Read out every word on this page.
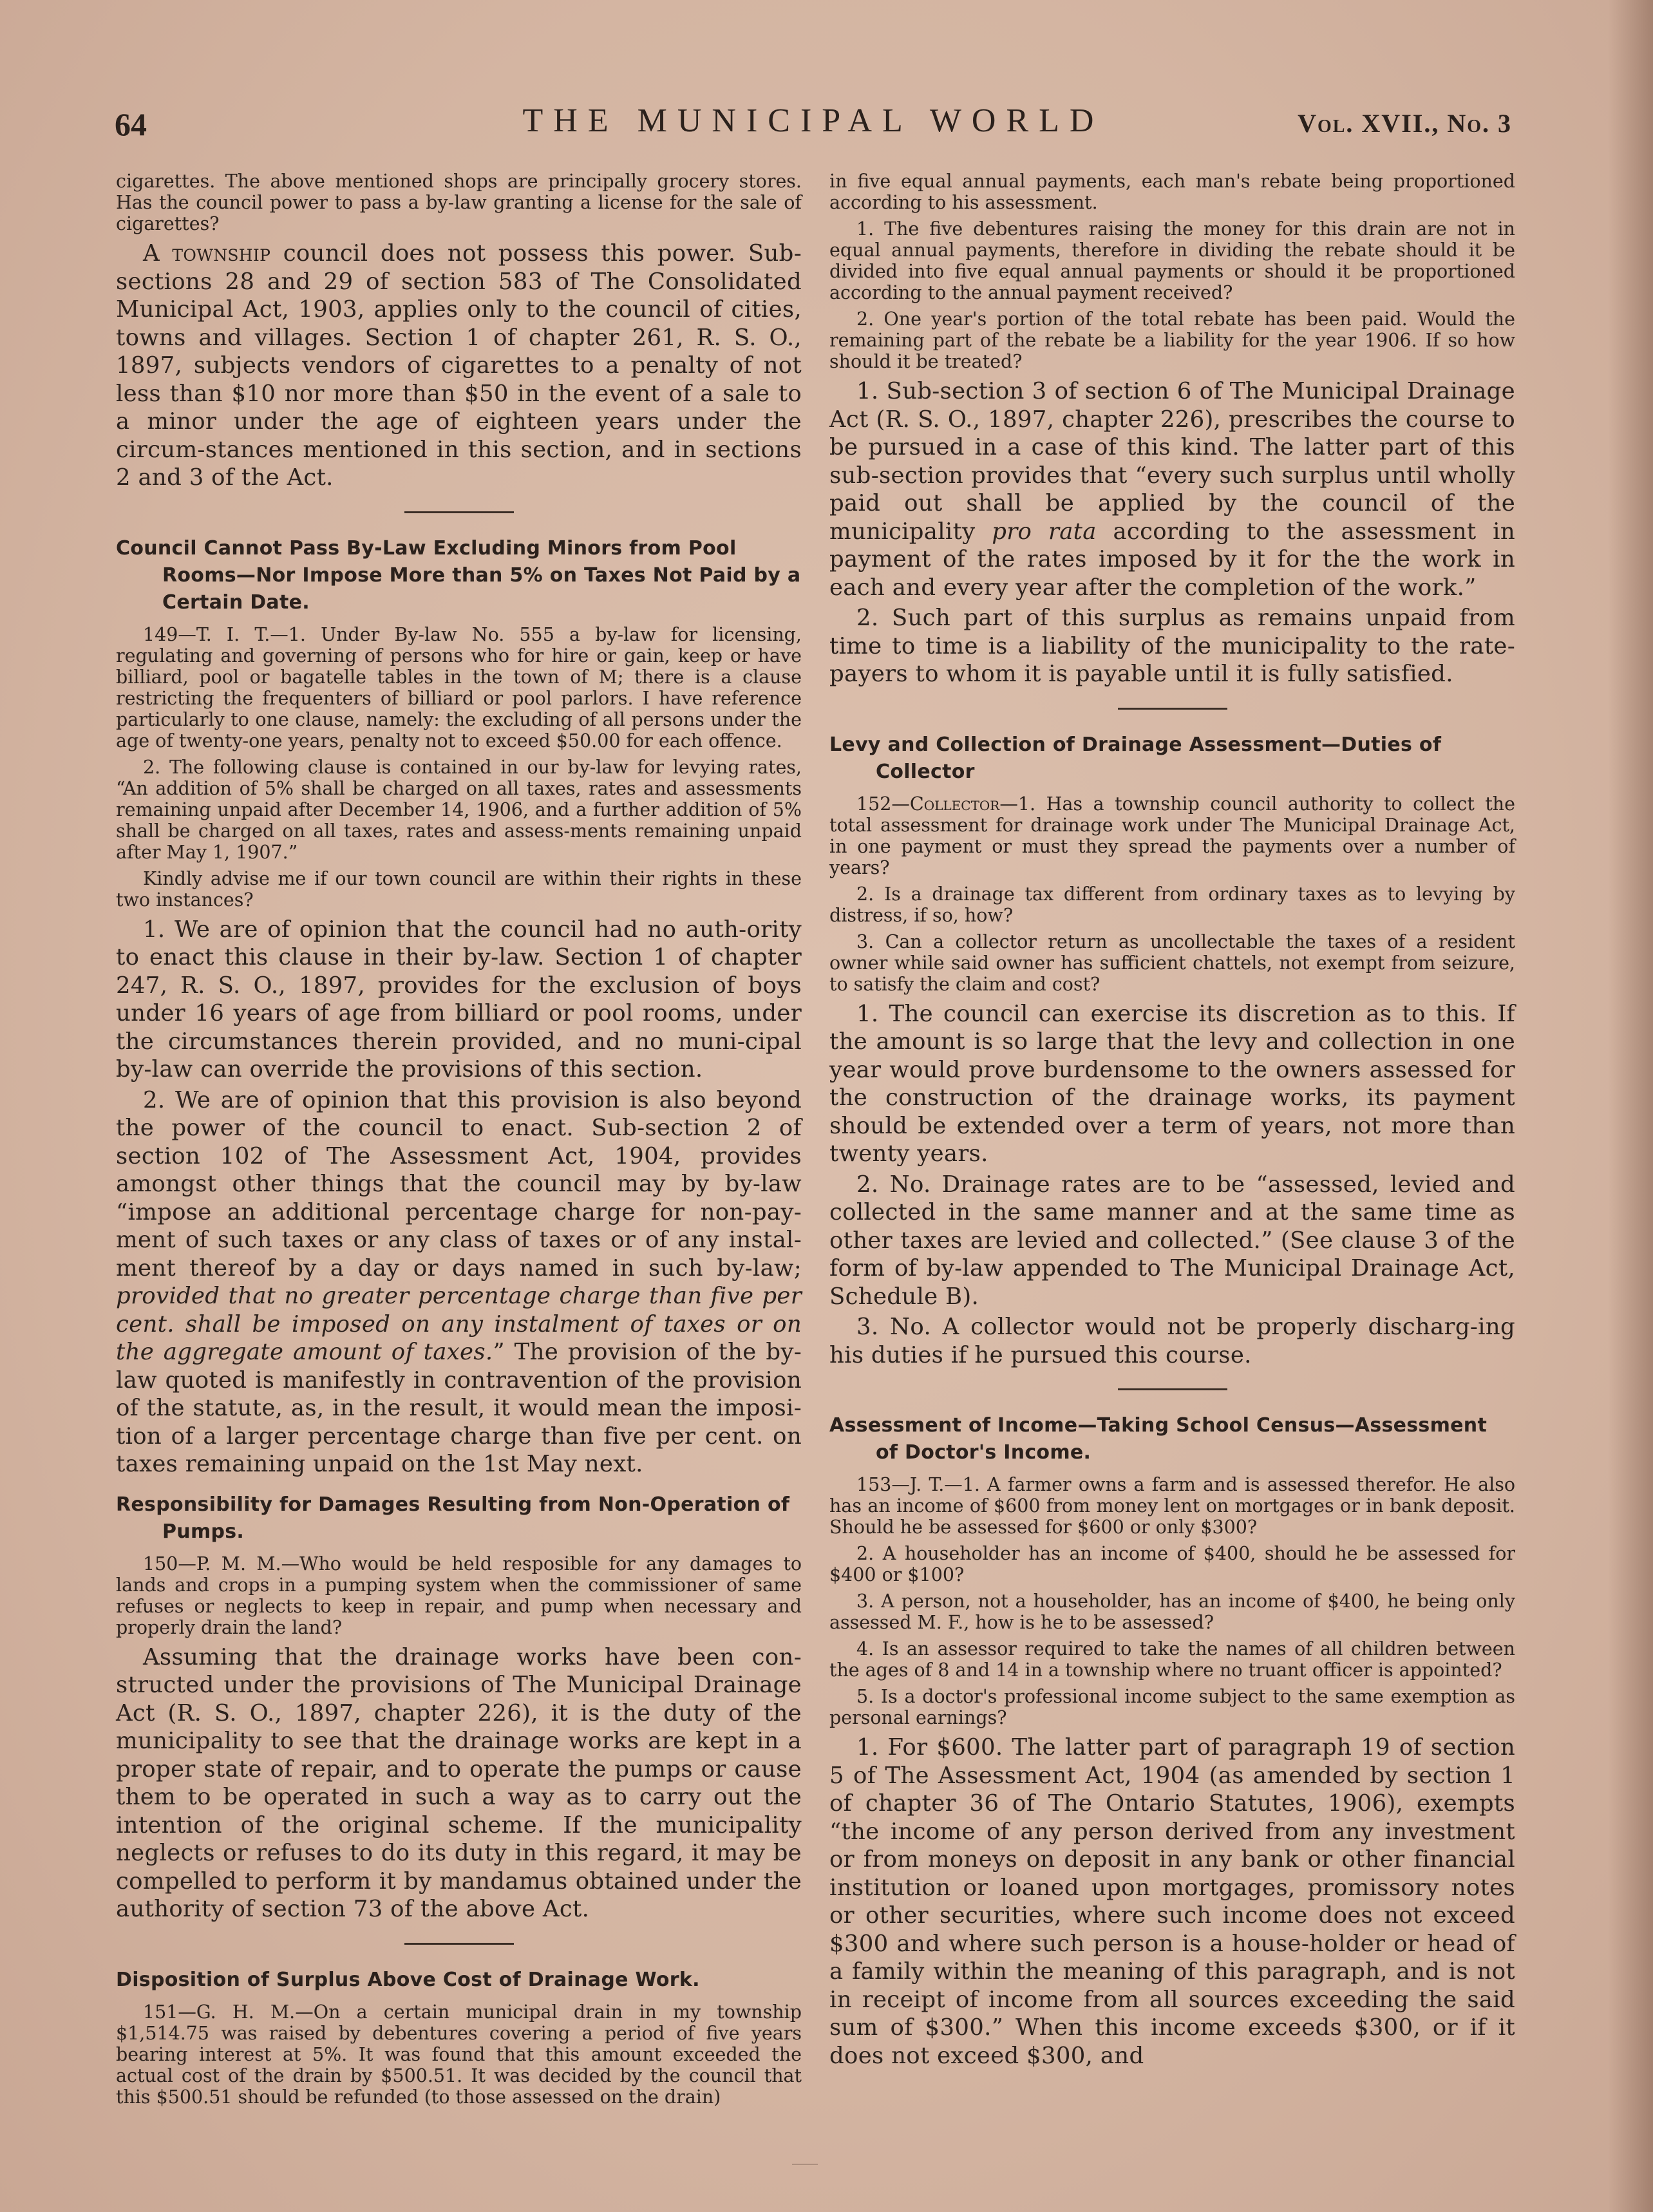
64	THE MUNICIPAL WORLD	Vol. XVII., No. 3

cigarettes. The above mentioned shops are principally grocery stores. Has the council power to pass a by-law granting a license for the sale of cigarettes?

A township council does not possess this power. Sub-sections 28 and 29 of section 583 of The Consolidated Municipal Act, 1903, applies only to the council of cities, towns and villages. Section 1 of chapter 261, R. S. O., 1897, subjects vendors of cigarettes to a penalty of not less than $10 nor more than $50 in the event of a sale to a minor under the age of eighteen years under the circum-stances mentioned in this section, and in sections 2 and 3 of the Act.

Council Cannot Pass By-Law Excluding Minors from Pool Rooms—Nor Impose More than 5% on Taxes Not Paid by a Certain Date.

149—T. I. T.—1. Under By-law No. 555 a by-law for licensing, regulating and governing of persons who for hire or gain, keep or have billiard, pool or bagatelle tables in the town of M; there is a clause restricting the frequenters of billiard or pool parlors. I have reference particularly to one clause, namely: the excluding of all persons under the age of twenty-one years, penalty not to exceed $50.00 for each offence.

2. The following clause is contained in our by-law for levying rates, “An addition of 5% shall be charged on all taxes, rates and assessments remaining unpaid after December 14, 1906, and a further addition of 5% shall be charged on all taxes, rates and assess-ments remaining unpaid after May 1, 1907.”

Kindly advise me if our town council are within their rights in these two instances?

1. We are of opinion that the council had no auth-ority to enact this clause in their by-law. Section 1 of chapter 247, R. S. O., 1897, provides for the exclusion of boys under 16 years of age from billiard or pool rooms, under the circumstances therein provided, and no muni-cipal by-law can override the provisions of this section.

2. We are of opinion that this provision is also beyond the power of the council to enact. Sub-section 2 of section 102 of The Assessment Act, 1904, provides amongst other things that the council may by by-law “impose an additional percentage charge for non-pay-ment of such taxes or any class of taxes or of any instal-ment thereof by a day or days named in such by-law; provided that no greater percentage charge than five per cent. shall be imposed on any instalment of taxes or on the aggregate amount of taxes.” The provision of the by-law quoted is manifestly in contravention of the provision of the statute, as, in the result, it would mean the imposi-tion of a larger percentage charge than five per cent. on taxes remaining unpaid on the 1st May next.

Responsibility for Damages Resulting from Non-Operation of Pumps.

150—P. M. M.—Who would be held resposible for any damages to lands and crops in a pumping system when the commissioner of same refuses or neglects to keep in repair, and pump when necessary and properly drain the land?

Assuming that the drainage works have been con-structed under the provisions of The Municipal Drainage Act (R. S. O., 1897, chapter 226), it is the duty of the municipality to see that the drainage works are kept in a proper state of repair, and to operate the pumps or cause them to be operated in such a way as to carry out the intention of the original scheme. If the municipality neglects or refuses to do its duty in this regard, it may be compelled to perform it by mandamus obtained under the authority of section 73 of the above Act.

Disposition of Surplus Above Cost of Drainage Work.

151—G. H. M.—On a certain municipal drain in my township $1,514.75 was raised by debentures covering a period of five years bearing interest at 5%. It was found that this amount exceeded the actual cost of the drain by $500.51. It was decided by the council that this $500.51 should be refunded (to those assessed on the drain)

in five equal annual payments, each man's rebate being proportioned according to his assessment.

1. The five debentures raising the money for this drain are not in equal annual payments, therefore in dividing the rebate should it be divided into five equal annual payments or should it be proportioned according to the annual payment received?

2. One year's portion of the total rebate has been paid. Would the remaining part of the rebate be a liability for the year 1906. If so how should it be treated?

1. Sub-section 3 of section 6 of The Municipal Drainage Act (R. S. O., 1897, chapter 226), prescribes the course to be pursued in a case of this kind. The latter part of this sub-section provides that “every such surplus until wholly paid out shall be applied by the council of the municipality pro rata according to the assessment in payment of the rates imposed by it for the the work in each and every year after the completion of the work.”

2. Such part of this surplus as remains unpaid from time to time is a liability of the municipality to the rate-payers to whom it is payable until it is fully satisfied.

Levy and Collection of Drainage Assessment—Duties of Collector

152—Collector—1. Has a township council authority to collect the total assessment for drainage work under The Municipal Drainage Act, in one payment or must they spread the payments over a number of years?

2. Is a drainage tax different from ordinary taxes as to levying by distress, if so, how?

3. Can a collector return as uncollectable the taxes of a resident owner while said owner has sufficient chattels, not exempt from seizure, to satisfy the claim and cost?

1. The council can exercise its discretion as to this. If the amount is so large that the levy and collection in one year would prove burdensome to the owners assessed for the construction of the drainage works, its payment should be extended over a term of years, not more than twenty years.

2. No. Drainage rates are to be “assessed, levied and collected in the same manner and at the same time as other taxes are levied and collected.” (See clause 3 of the form of by-law appended to The Municipal Drainage Act, Schedule B).

3. No. A collector would not be properly discharg-ing his duties if he pursued this course.

Assessment of Income—Taking School Census—Assessment of Doctor's Income.

153—J. T.—1. A farmer owns a farm and is assessed therefor. He also has an income of $600 from money lent on mortgages or in bank deposit. Should he be assessed for $600 or only $300?

2. A householder has an income of $400, should he be assessed for $400 or $100?

3. A person, not a householder, has an income of $400, he being only assessed M. F., how is he to be assessed?

4. Is an assessor required to take the names of all children between the ages of 8 and 14 in a township where no truant officer is appointed?

5. Is a doctor's professional income subject to the same exemption as personal earnings?

1. For $600. The latter part of paragraph 19 of section 5 of The Assessment Act, 1904 (as amended by section 1 of chapter 36 of The Ontario Statutes, 1906), exempts “the income of any person derived from any investment or from moneys on deposit in any bank or other financial institution or loaned upon mortgages, promissory notes or other securities, where such income does not exceed $300 and where such person is a house-holder or head of a family within the meaning of this paragraph, and is not in receipt of income from all sources exceeding the said sum of $300.” When this income exceeds $300, or if it does not exceed $300, and
